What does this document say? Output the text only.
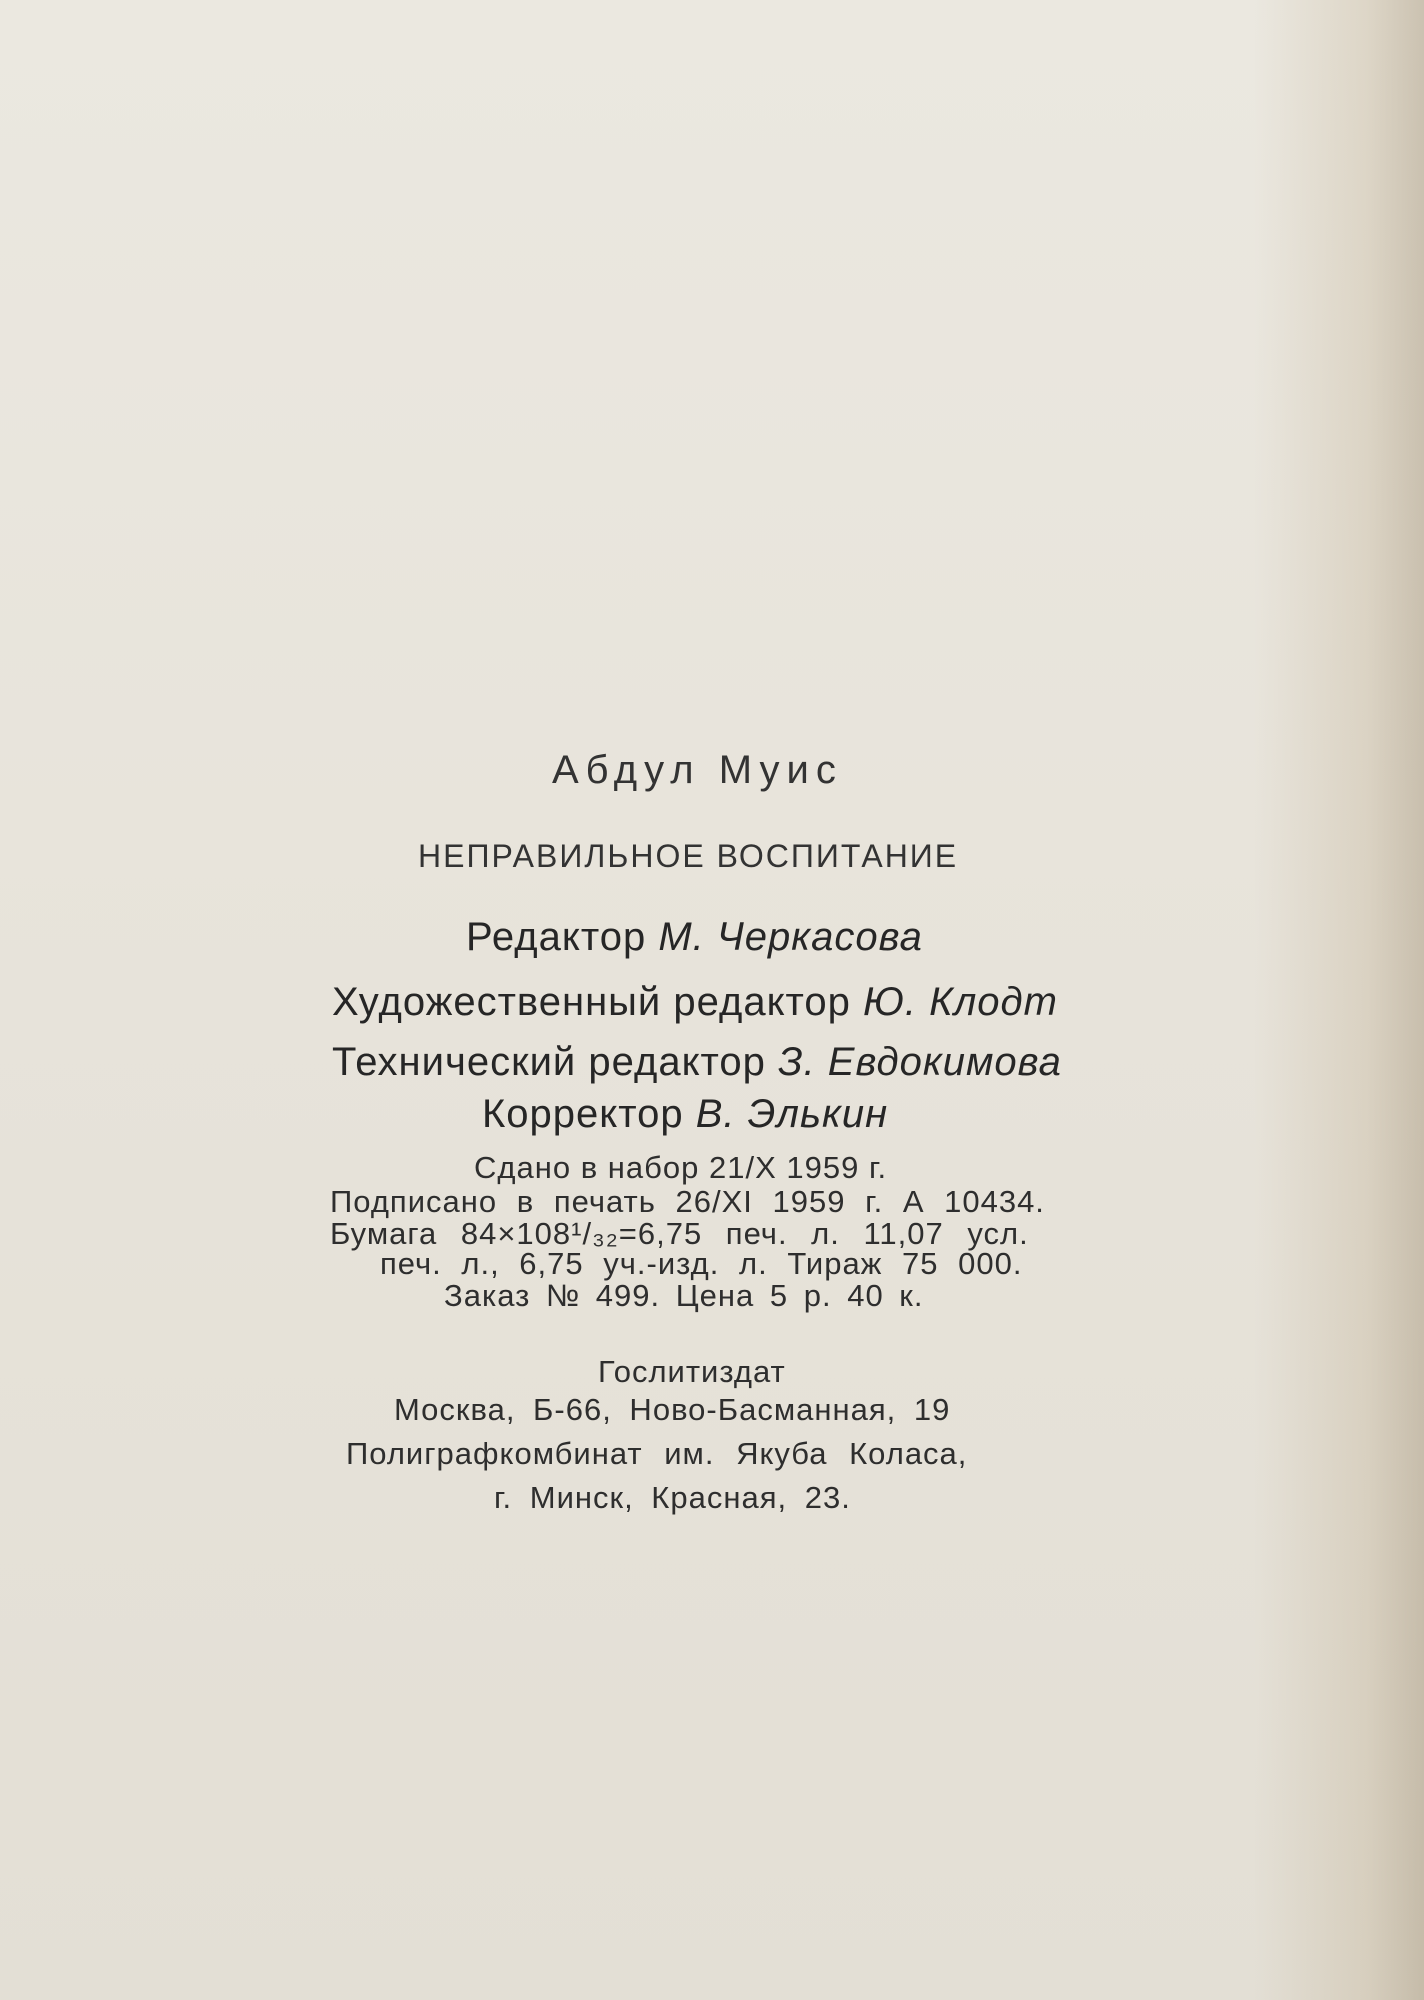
Абдул Муис
НЕПРАВИЛЬНОЕ ВОСПИТАНИЕ
Редактор М. Черкасова
Художественный редактор Ю. Клодт
Технический редактор З. Евдокимова
Корректор В. Элькин
Сдано в набор 21/X 1959 г.
Подписано в печать 26/XI 1959 г. А 10434.
Бумага 84×108¹/₃₂=6,75 печ. л. 11,07 усл.
печ. л., 6,75 уч.-изд. л. Тираж 75 000.
Заказ № 499. Цена 5 р. 40 к.
Гослитиздат
Москва, Б-66, Ново-Басманная, 19
Полиграфкомбинат им. Якуба Коласа,
г. Минск, Красная, 23.
